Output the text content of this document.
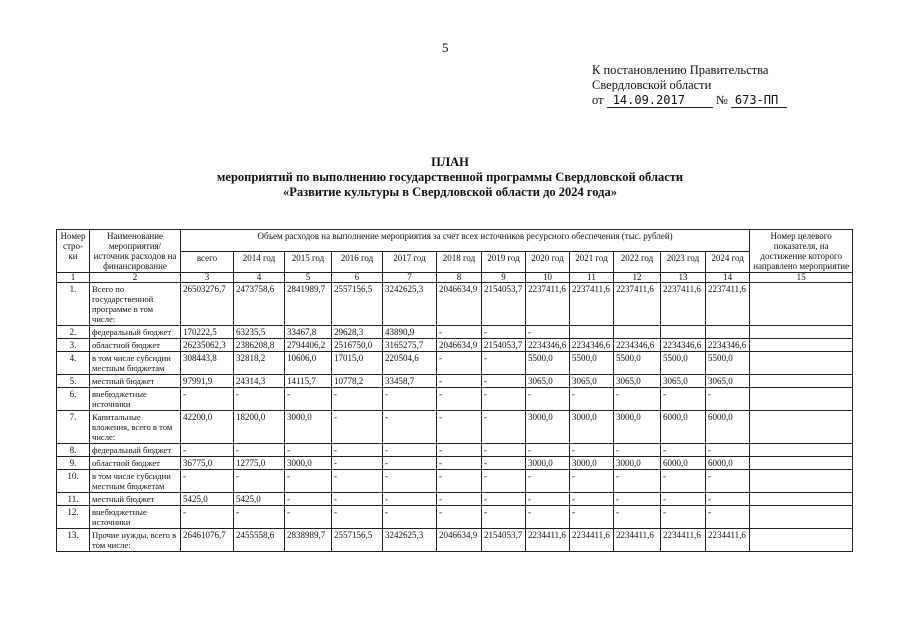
5
К постановлению Правительства
Свердловской области
от 14.09.2017 № 673-ПП
ПЛАН
мероприятий по выполнению государственной программы Свердловской области
«Развитие культуры в Свердловской области до 2024 года»
Номер стро-ки	Наименование мероприятия/ источник расходов на финансирование	Объем расходов на выполнение мероприятия за счет всех источников ресурсного обеспечения (тыс. рублей)												Номер целевого показателя, на достижение которого направлено мероприятие
		всего	2014 год	2015 год	2016 год	2017 год	2018 год	2019 год	2020 год	2021 год	2022 год	2023 год	2024 год	
1	2	3	4	5	6	7	8	9	10	11	12	13	14	15
1.	Всего по государственной программе в том числе:	26503276,7	2473758,6	2841989,7	2557156,5	3242625,3	2046634,9	2154053,7	2237411,6	2237411,6	2237411,6	2237411,6	2237411,6	
2.	федеральный бюджет	170222,5	63235,5	33467,8	29628,3	43890,9	-	-	-					
3.	областной бюджет	26235062,3	2386208,8	2794406,2	2516750,0	3165275,7	2046634,9	2154053,7	2234346,6	2234346,6	2234346,6	2234346,6	2234346,6	
4.	в том числе субсидии местным бюджетам	308443,8	32818,2	10606,0	17015,0	220504,6	-	-	5500,0	5500,0	5500,0	5500,0	5500,0	
5.	местный бюджет	97991,9	24314,3	14115,7	10778,2	33458,7	-	-	3065,0	3065,0	3065,0	3065,0	3065,0	
6.	внебюджетные источники	-	-	-	-	-	-	-	-	-	-	-	-	
7.	Капитальные вложения, всего в том числе:	42200,0	18200,0	3000,0	-	-	-	-	3000,0	3000,0	3000,0	6000,0	6000,0	
8.	федеральный бюджет	-	-	-	-	-	-	-	-	-	-	-	-	
9.	областной бюджет	36775,0	12775,0	3000,0	-	-	-	-	3000,0	3000,0	3000,0	6000,0	6000,0	
10.	в том числе субсидии местным бюджетам	-	-	-	-	-	-	-	-	-	-	-	-	
11.	местный бюджет	5425,0	5425,0	-	-	-	-	-	-	-	-	-	-	
12.	внебюджетные источники	-	-	-	-	-	-	-	-	-	-	-	-	
13.	Прочие нужды, всего в том числе:	26461076,7	2455558,6	2838989,7	2557156,5	3242625,3	2046634,9	2154053,7	2234411,6	2234411,6	2234411,6	2234411,6	2234411,6	
